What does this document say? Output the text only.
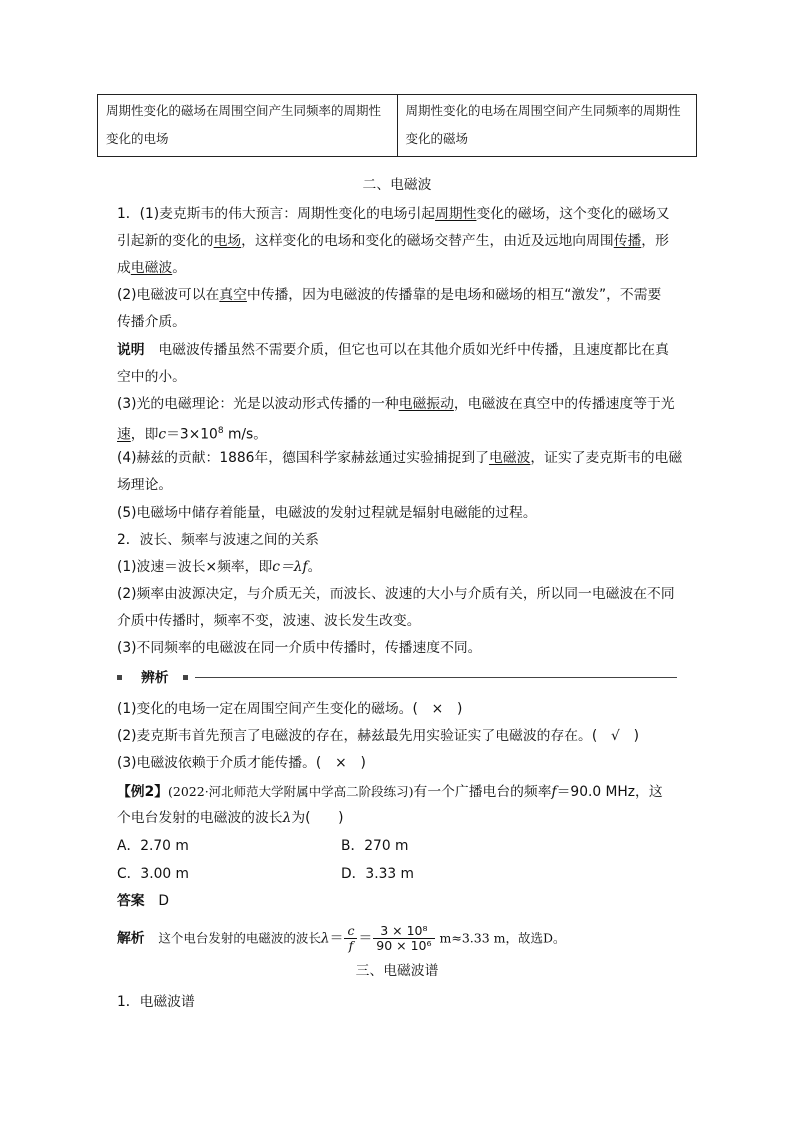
周期性变化的磁场在周围空间产生同频率的周期性变化的电场	周期性变化的电场在周围空间产生同频率的周期性变化的磁场
二、电磁波
1．(1)麦克斯韦的伟大预言：周期性变化的电场引起周期性变化的磁场，这个变化的磁场又
引起新的变化的电场，这样变化的电场和变化的磁场交替产生，由近及远地向周围传播，形
成电磁波。
(2)电磁波可以在真空中传播，因为电磁波的传播靠的是电场和磁场的相互“激发”，不需要
传播介质。
说明　 电磁波传播虽然不需要介质，但它也可以在其他介质如光纤中传播，且速度都比在真
空中的小。
(3)光的电磁理论：光是以波动形式传播的一种电磁振动，电磁波在真空中的传播速度等于光
速，即$c=3\times 10^8$ m/s。
(4)赫兹的贡献：1886年，德国科学家赫兹通过实验捕捉到了电磁波，证实了麦克斯韦的电磁
场理论。
(5)电磁场中储存着能量，电磁波的发射过程就是辐射电磁能的过程。
2．波长、频率与波速之间的关系
(1)波速＝波长×频率，即c＝λf。
(2)频率由波源决定，与介质无关，而波长、波速的大小与介质有关，所以同一电磁波在不同
介质中传播时，频率不变，波速、波长发生改变。
(3)不同频率的电磁波在同一介质中传播时，传播速度不同。
辨析
(1)变化的电场一定在周围空间产生变化的磁场。(　×　)
(2)麦克斯韦首先预言了电磁波的存在，赫兹最先用实验证实了电磁波的存在。(　√　)
(3)电磁波依赖于介质才能传播。(　×　)
【例2】(2022·河北师范大学附属中学高二阶段练习)有一个广播电台的频率f＝90.0 MHz，这
个电台发射的电磁波的波长λ为(　　)
A．2.70 m	B．270 m
C．3.00 m	D．3.33 m
答案　 D
解析　 这个电台发射的电磁波的波长$\lambda= \frac{c}{f} = \frac{\text{3 × 10⁸}}{\text{90 × 10⁶}} m\approx 3.33$ m，故选D。
三、电磁波谱
1．电磁波谱
